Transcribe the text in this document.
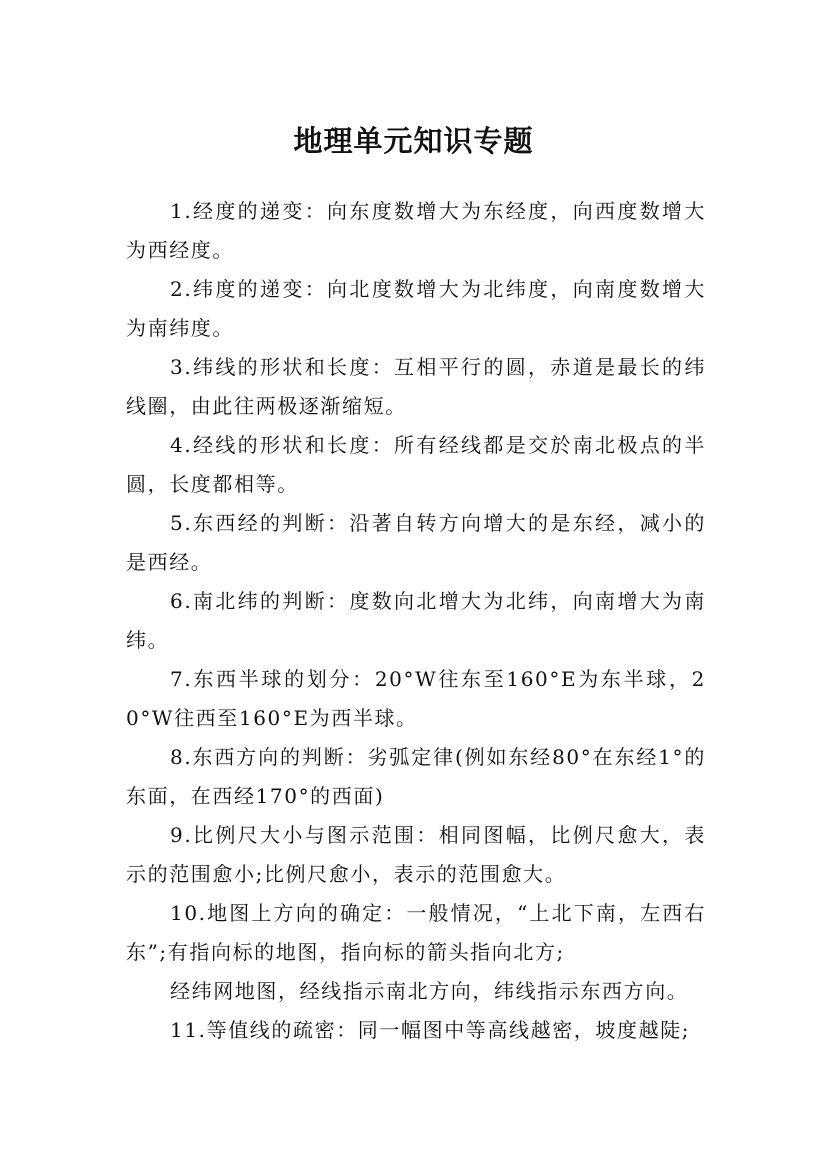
地理单元知识专题

1.经度的递变：向东度数增大为东经度，向西度数增大为西经度。

2.纬度的递变：向北度数增大为北纬度，向南度数增大为南纬度。

3.纬线的形状和长度：互相平行的圆，赤道是最长的纬线圈，由此往两极逐渐缩短。

4.经线的形状和长度：所有经线都是交於南北极点的半圆，长度都相等。

5.东西经的判断：沿著自转方向增大的是东经，减小的是西经。

6.南北纬的判断：度数向北增大为北纬，向南增大为南纬。

7.东西半球的划分：20°W往东至160°E为东半球，20°W往西至160°E为西半球。

8.东西方向的判断：劣弧定律(例如东经80°在东经1°的东面，在西经170°的西面)

9.比例尺大小与图示范围：相同图幅，比例尺愈大，表示的范围愈小;比例尺愈小，表示的范围愈大。

10.地图上方向的确定：一般情况，“上北下南，左西右东”;有指向标的地图，指向标的箭头指向北方;

经纬网地图，经线指示南北方向，纬线指示东西方向。

11.等值线的疏密：同一幅图中等高线越密，坡度越陡;
